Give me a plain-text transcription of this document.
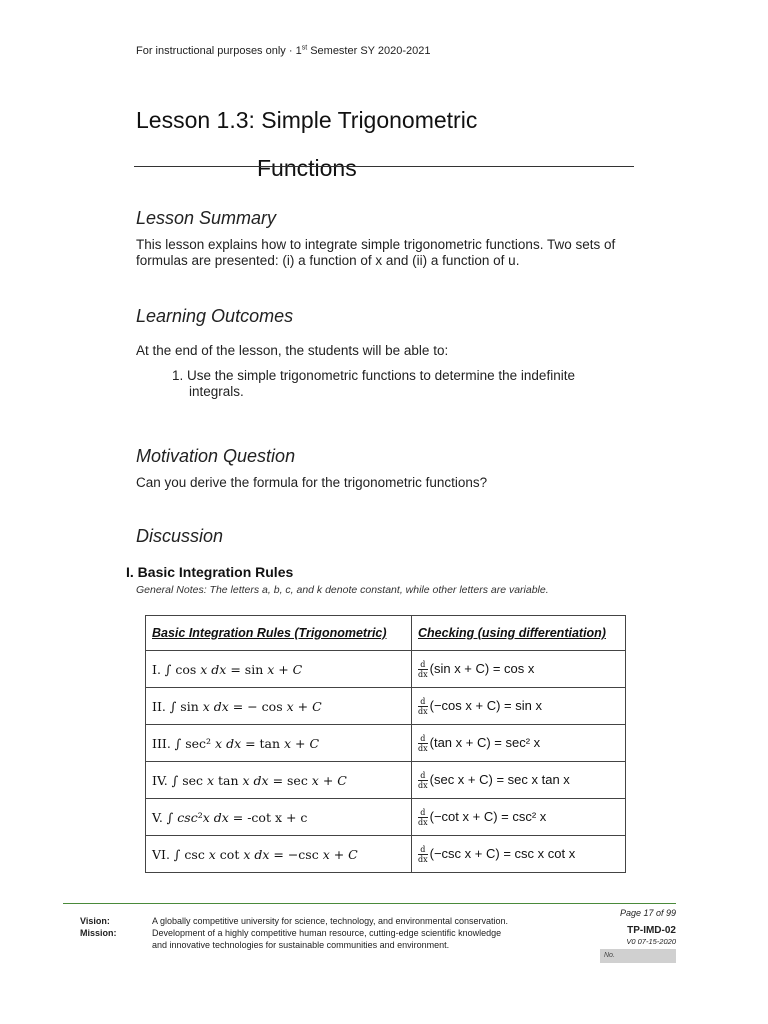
For instructional purposes only · 1st Semester SY 2020-2021
Lesson 1.3: Simple Trigonometric
Functions
Lesson Summary
This lesson explains how to integrate simple trigonometric functions. Two sets of formulas are presented: (i) a function of x and (ii) a function of u.
Learning Outcomes
At the end of the lesson, the students will be able to:
1. Use the simple trigonometric functions to determine the indefinite
integrals.
Motivation Question
Can you derive the formula for the trigonometric functions?
Discussion
I. Basic Integration Rules
General Notes: The letters a, b, c, and k denote constant, while other letters are variable.
Basic Integration Rules (Trigonometric)	Checking (using differentiation)
I. ∫ cos 𝑥 𝑑𝑥 = sin 𝑥 + 𝐶	$\frac{d}{dx} (\sin$ x + C) = cos x
II. ∫ sin 𝑥 𝑑𝑥 = − cos 𝑥 + 𝐶	$\frac{d}{dx} (-\cos$ x + C) = sin x
III. ∫ sec² 𝑥 𝑑𝑥 = tan 𝑥 + 𝐶	$\frac{d}{dx} (\tan$ x + C) = sec² x
IV. ∫ sec 𝑥 tan 𝑥 𝑑𝑥 = sec 𝑥 + 𝐶	$\frac{d}{dx} (\sec$ x + C) = sec x tan x
V. ∫ 𝑐𝑠𝑐²𝑥 𝑑𝑥 = -cot x + c	$\frac{d}{dx} (-\cot$ x + C) = csc² x
VI. ∫ csc 𝑥 cot 𝑥 𝑑𝑥 = −csc 𝑥 + 𝐶	$\frac{d}{dx} (-\csc$ x + C) = csc x cot x
Vision:
Mission:
A globally competitive university for science, technology, and environmental conservation.
Development of a highly competitive human resource, cutting-edge scientific knowledge
and innovative technologies for sustainable communities and environment.
Page 17 of 99
TP-IMD-02
V0 07-15-2020
No.
